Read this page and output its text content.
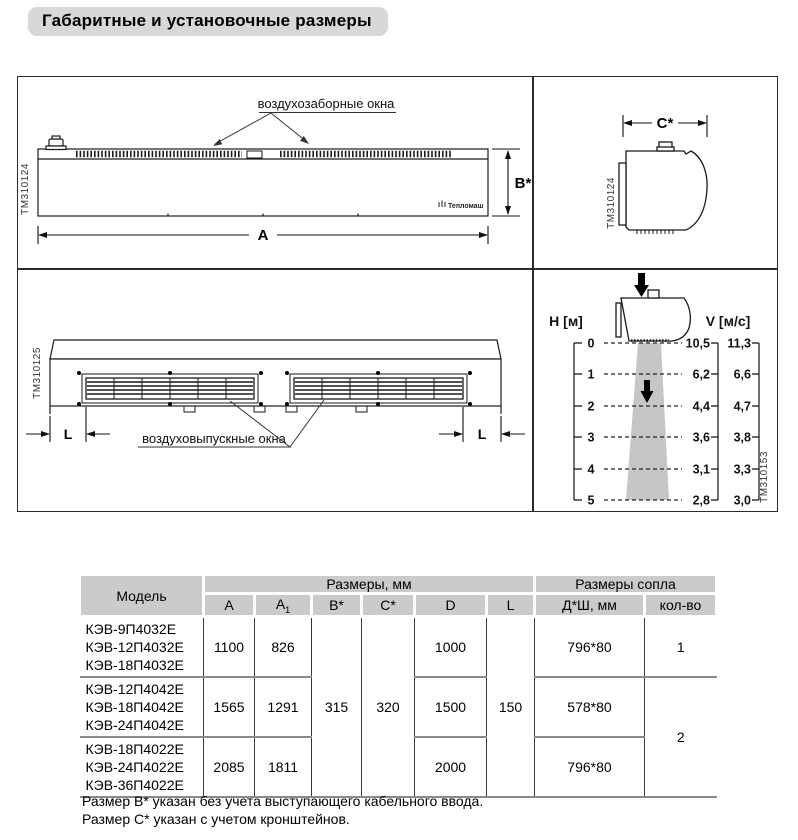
Габаритные и установочные размеры
воздухозаборные окна
B*
A
Тепломаш
ТМ310124
C*
ТМ310124
L	L
воздуховыпускные окна
ТМ310125
H [м]	V [м/с]
0
1
2
3
4
5
10,5
6,2
4,4
3,6
3,1
2,8
11,3
6,6
4,7
3,8
3,3
3,0 ТМ310153
Модель	Размеры, мм						Размеры сопла	
	A	$A_1$	B*	C*	D	L	Д*Ш, мм	кол-во

КЭВ-9П4032Е
КЭВ-12П4032Е
КЭВ-18П4032Е	1100	826	315	320	1000	150	796*80	1

КЭВ-12П4042Е
КЭВ-18П4042Е
КЭВ-24П4042Е	1565	1291			1500		578*80	2

КЭВ-18П4022Е
КЭВ-24П4022Е
КЭВ-36П4022Е	2085	1811			2000		796*80	
Размер В* указан без учета выступающего кабельного ввода.
Размер С* указан с учетом кронштейнов.
